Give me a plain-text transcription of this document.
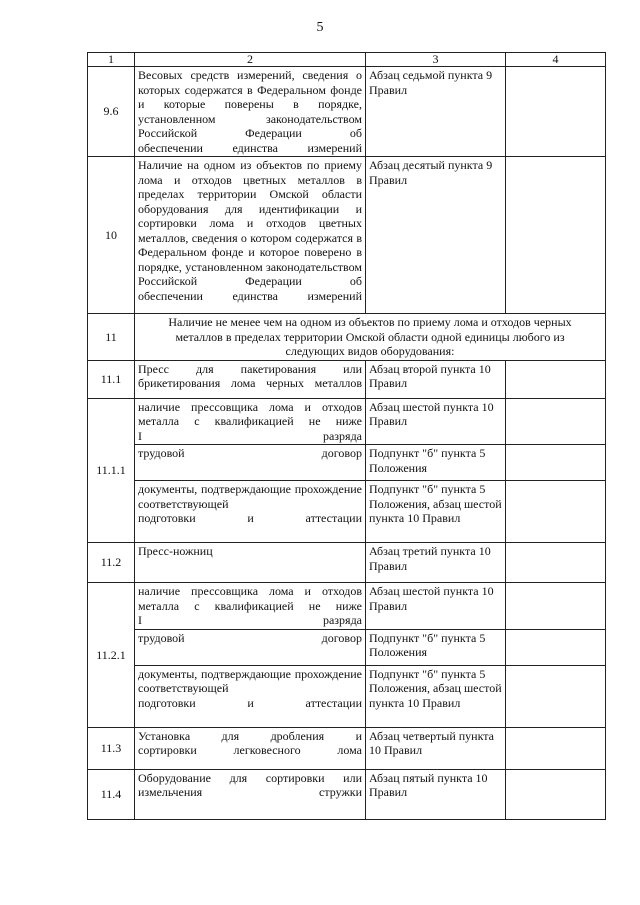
5
1	2	3	4
9.6	Весовых средств измерений, сведения о которых содержатся в Федеральном фонде и которые поверены в порядке, установленном законодательством Российской Федерации об
обеспечении единства измерений	Абзац седьмой пункта 9 Правил	
10	Наличие на одном из объектов по приему лома и отходов цветных металлов в пределах территории Омской области оборудования для идентификации и сортировки лома и отходов цветных металлов, сведения о котором содержатся в Федеральном фонде и которое поверено в порядке, установленном законодательством Российской Федерации об
обеспечении единства измерений	Абзац десятый пункта 9 Правил	
11	Наличие не менее чем на одном из объектов по приему лома и отходов черных металлов в пределах территории Омской области одной единицы любого из следующих видов оборудования:		
11.1	Пресс для пакетирования или
брикетирования лома черных металлов	Абзац второй пункта 10 Правил	
11.1.1	наличие прессовщика лома и отходов металла с квалификацией не ниже
I разряда	Абзац шестой пункта 10 Правил	

	трудовой договор	Подпункт "б" пункта 5 Положения	
	документы, подтверждающие прохождение соответствующей
подготовки и аттестации	Подпункт "б" пункта 5 Положения, абзац шестой пункта 10 Правил	
11.2	Пресс-ножниц	Абзац третий пункта 10 Правил	
11.2.1	наличие прессовщика лома и отходов металла с квалификацией не ниже
I разряда	Абзац шестой пункта 10 Правил	

	трудовой договор	Подпункт "б" пункта 5 Положения	
	документы, подтверждающие прохождение соответствующей
подготовки и аттестации	Подпункт "б" пункта 5 Положения, абзац шестой пункта 10 Правил	
11.3	Установка для дробления и
сортировки легковесного лома	Абзац четвертый пункта 10 Правил	
11.4	Оборудование для сортировки или
измельчения стружки	Абзац пятый пункта 10 Правил	
